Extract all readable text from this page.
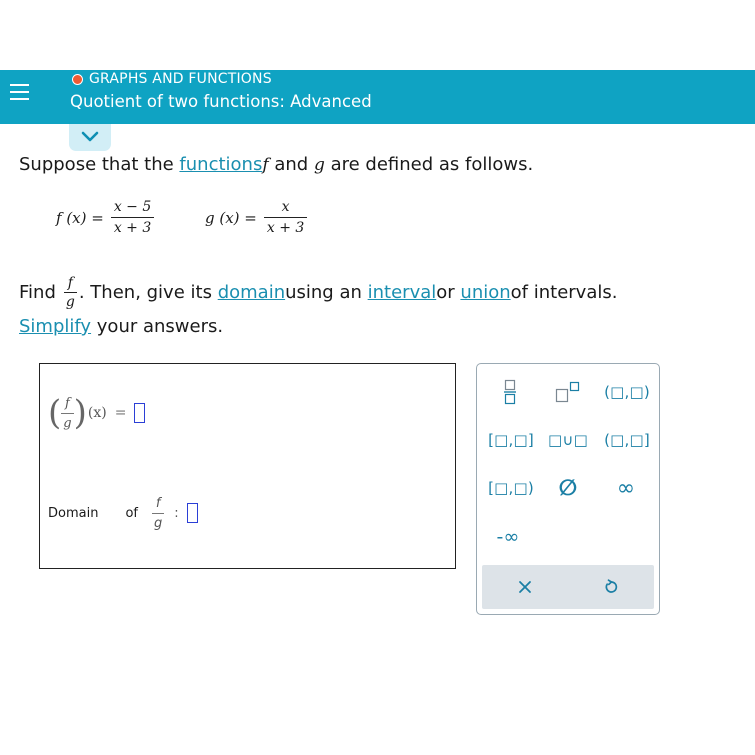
GRAPHS AND FUNCTIONS
Quotient of two functions: Advanced
Suppose that the functionsf and g are defined as follows.
f $(x) = \frac{x - 5}{x + 3}$	g $(x) = \frac{x}{x + 3}$
Find $\frac{f}{g}$ . Then, give its
domain using an
interval or
union of intervals.
Simplify your answers.
( $\frac{f}{g}$ ) (x) =
Domain of $\frac{f}{g}$ :
(□,□)
[□,□] □∪□	(□,□]
[□,□)	∅	∞
-∞
